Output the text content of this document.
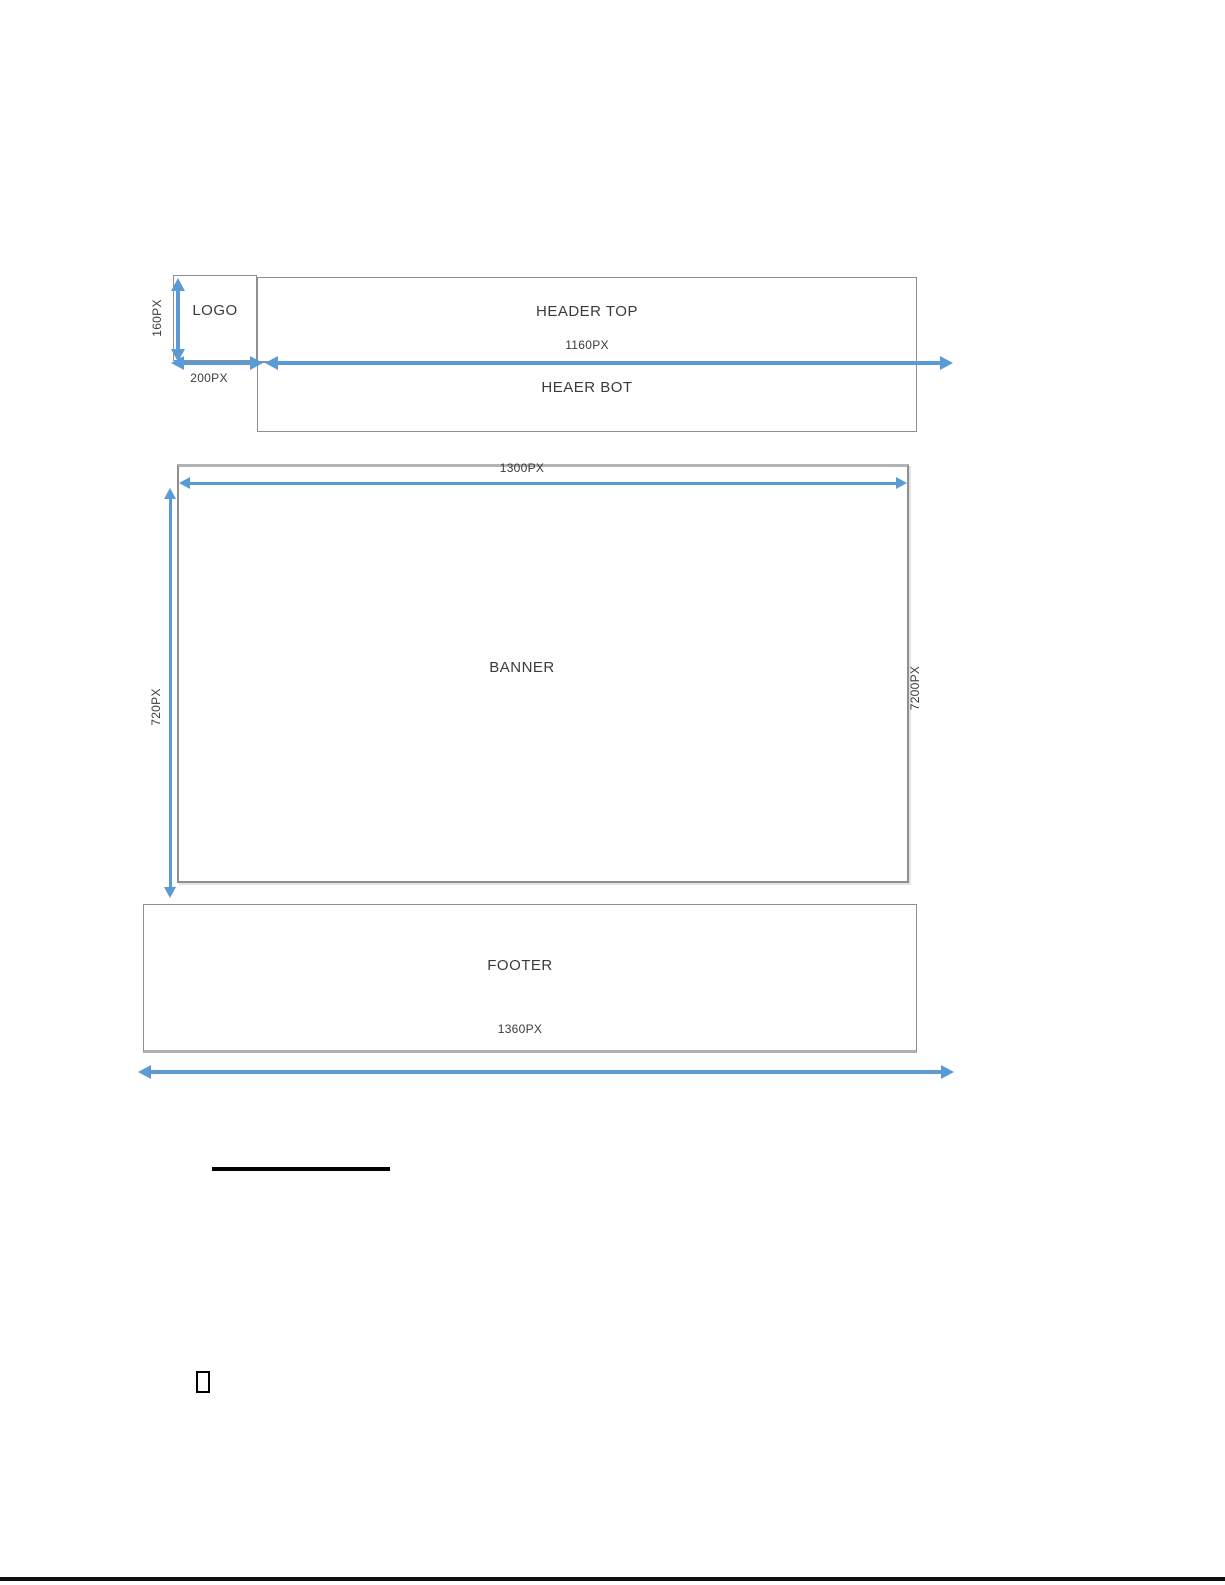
LOGO	HEADER TOP
1160PX
HEAER BOT
160PX
200PX
1300PX
BANNER
720PX	7200PX
FOOTER
1360PX
